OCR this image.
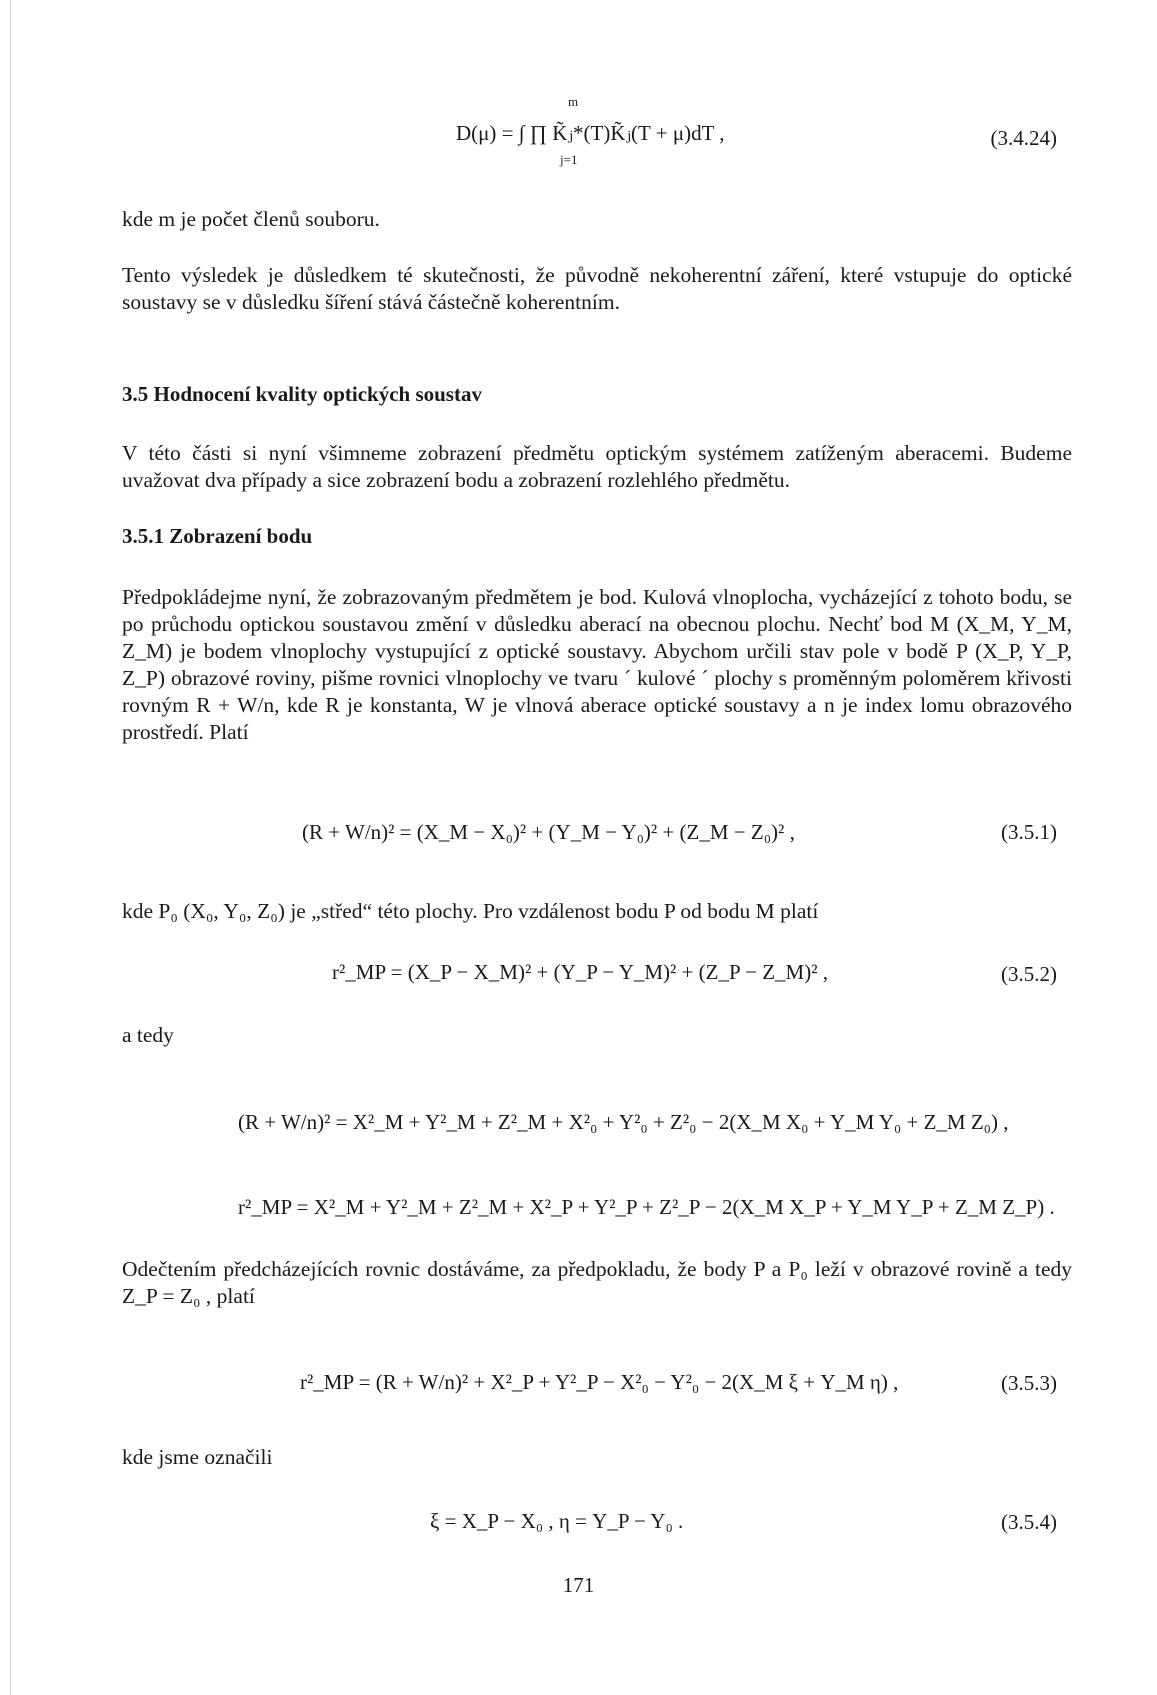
D(μ) = ∫ ∏ K̃ⱼ*(T)K̃ⱼ(T + μ)dT ,
m
j=1
(3.4.24)
kde m je počet členů souboru.
Tento výsledek je důsledkem té skutečnosti, že původně nekoherentní záření, které vstupuje do optické soustavy se v důsledku šíření stává částečně koherentním.
3.5 Hodnocení kvality optických soustav
V této části si nyní všimneme zobrazení předmětu optickým systémem zatíženým aberacemi. Budeme uvažovat dva případy a sice zobrazení bodu a zobrazení rozlehlého předmětu.
3.5.1 Zobrazení bodu
Předpokládejme nyní, že zobrazovaným předmětem je bod. Kulová vlnoplocha, vycházející z tohoto bodu, se po průchodu optickou soustavou změní v důsledku aberací na obecnou plochu. Nechť bod M (X_M, Y_M, Z_M) je bodem vlnoplochy vystupující z optické soustavy. Abychom určili stav pole v bodě P (X_P, Y_P, Z_P) obrazové roviny, pišme rovnici vlnoplochy ve tvaru ´ kulové ´ plochy s proměnným poloměrem křivosti rovným R + W/n, kde R je konstanta, W je vlnová aberace optické soustavy a n je index lomu obrazového prostředí. Platí
(R + W/n)² = (X_M − X₀)² + (Y_M − Y₀)² + (Z_M − Z₀)² ,	(3.5.1)
kde P₀ (X₀, Y₀, Z₀) je „střed“ této plochy. Pro vzdálenost bodu P od bodu M platí
r²_MP = (X_P − X_M)² + (Y_P − Y_M)² + (Z_P − Z_M)² ,	(3.5.2)
a tedy
(R + W/n)² = X²_M + Y²_M + Z²_M + X²₀ + Y²₀ + Z²₀ − 2(X_M X₀ + Y_M Y₀ + Z_M Z₀) ,
r²_MP = X²_M + Y²_M + Z²_M + X²_P + Y²_P + Z²_P − 2(X_M X_P + Y_M Y_P + Z_M Z_P) .
Odečtením předcházejících rovnic dostáváme, za předpokladu, že body P a P₀ leží v obrazové rovině a tedy Z_P = Z₀ , platí
r²_MP = (R + W/n)² + X²_P + Y²_P − X²₀ − Y²₀ − 2(X_M ξ + Y_M η) ,	(3.5.3)
kde jsme označili
ξ = X_P − X₀ , η = Y_P − Y₀ .	(3.5.4)
171
